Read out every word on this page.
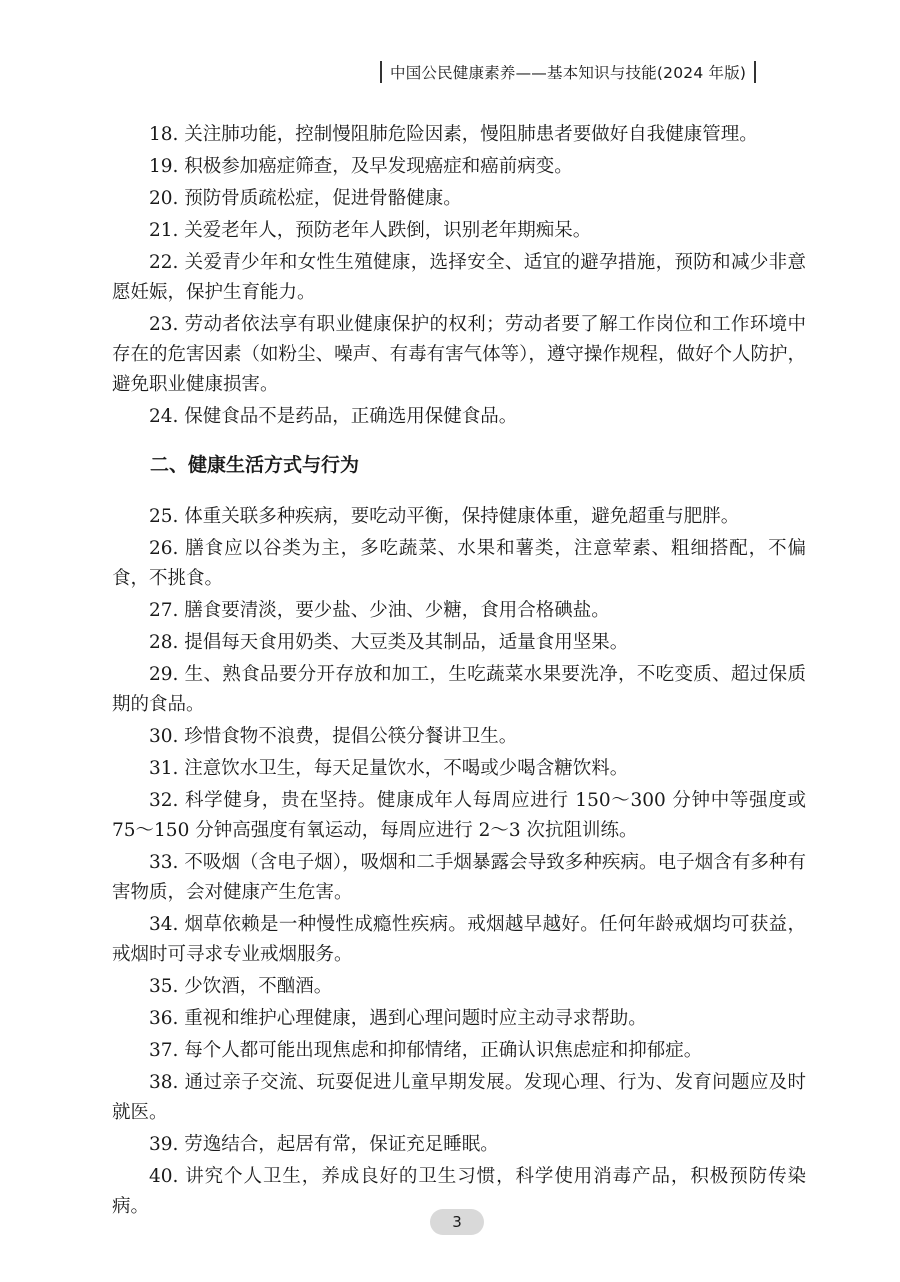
中国公民健康素养——基本知识与技能(2024 年版)

18. 关注肺功能，控制慢阻肺危险因素，慢阻肺患者要做好自我健康管理。

19. 积极参加癌症筛查，及早发现癌症和癌前病变。

20. 预防骨质疏松症，促进骨骼健康。

21. 关爱老年人，预防老年人跌倒，识别老年期痴呆。

22. 关爱青少年和女性生殖健康，选择安全、适宜的避孕措施，预防和减少非意愿妊娠，保护生育能力。

23. 劳动者依法享有职业健康保护的权利；劳动者要了解工作岗位和工作环境中存在的危害因素（如粉尘、噪声、有毒有害气体等），遵守操作规程，做好个人防护，避免职业健康损害。

24. 保健食品不是药品，正确选用保健食品。

二、健康生活方式与行为

25. 体重关联多种疾病，要吃动平衡，保持健康体重，避免超重与肥胖。

26. 膳食应以谷类为主，多吃蔬菜、水果和薯类，注意荤素、粗细搭配，不偏食，不挑食。

27. 膳食要清淡，要少盐、少油、少糖，食用合格碘盐。

28. 提倡每天食用奶类、大豆类及其制品，适量食用坚果。

29. 生、熟食品要分开存放和加工，生吃蔬菜水果要洗净，不吃变质、超过保质期的食品。

30. 珍惜食物不浪费，提倡公筷分餐讲卫生。

31. 注意饮水卫生，每天足量饮水，不喝或少喝含糖饮料。

32. 科学健身，贵在坚持。健康成年人每周应进行 150～300 分钟中等强度或 75～150 分钟高强度有氧运动，每周应进行 2～3 次抗阻训练。

33. 不吸烟（含电子烟），吸烟和二手烟暴露会导致多种疾病。电子烟含有多种有害物质，会对健康产生危害。

34. 烟草依赖是一种慢性成瘾性疾病。戒烟越早越好。任何年龄戒烟均可获益，戒烟时可寻求专业戒烟服务。

35. 少饮酒，不酗酒。

36. 重视和维护心理健康，遇到心理问题时应主动寻求帮助。

37. 每个人都可能出现焦虑和抑郁情绪，正确认识焦虑症和抑郁症。

38. 通过亲子交流、玩耍促进儿童早期发展。发现心理、行为、发育问题应及时就医。

39. 劳逸结合，起居有常，保证充足睡眠。

40. 讲究个人卫生，养成良好的卫生习惯，科学使用消毒产品，积极预防传染病。

3
